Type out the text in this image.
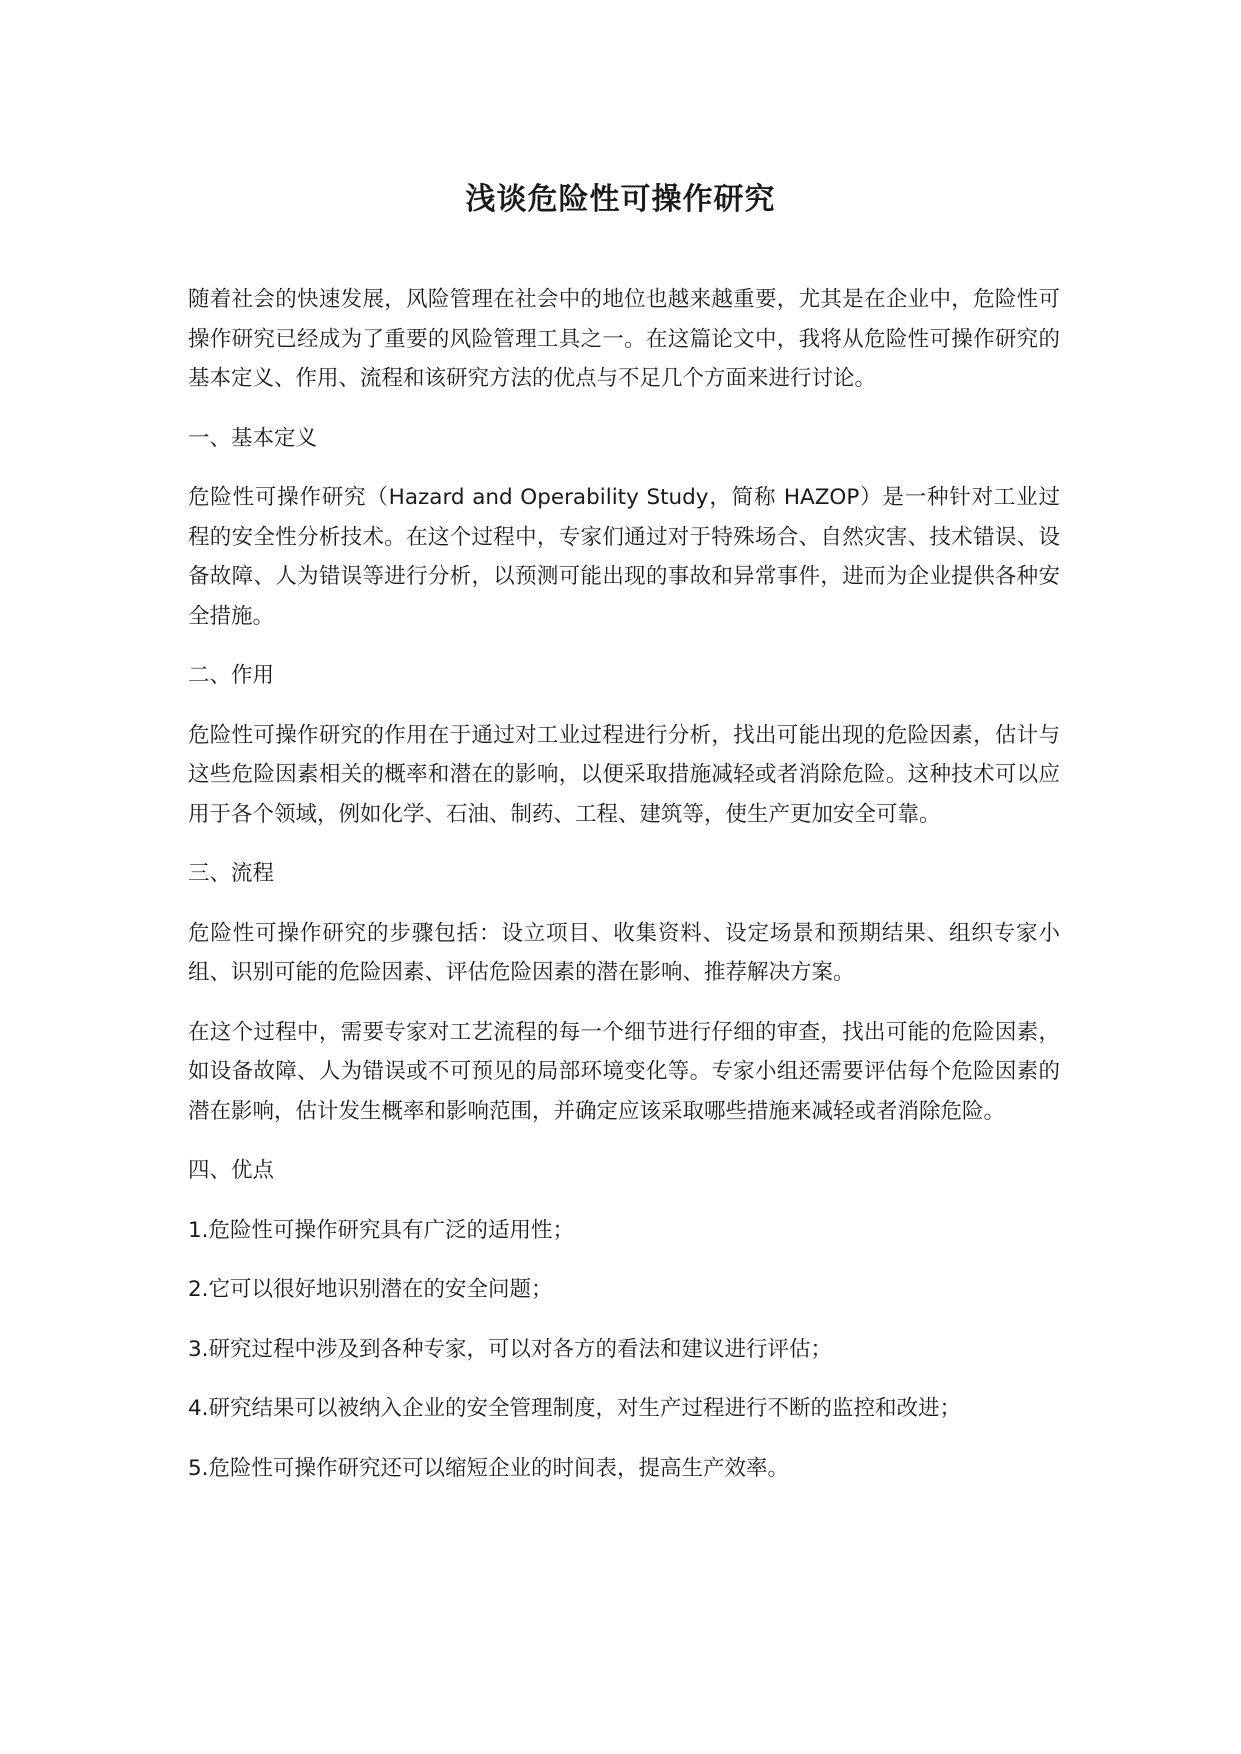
浅谈危险性可操作研究

随着社会的快速发展，风险管理在社会中的地位也越来越重要，尤其是在企业中，危险性可操作研究已经成为了重要的风险管理工具之一。在这篇论文中，我将从危险性可操作研究的基本定义、作用、流程和该研究方法的优点与不足几个方面来进行讨论。

一、基本定义

危险性可操作研究（Hazard and Operability Study，简称 HAZOP）是一种针对工业过程的安全性分析技术。在这个过程中，专家们通过对于特殊场合、自然灾害、技术错误、设备故障、人为错误等进行分析，以预测可能出现的事故和异常事件，进而为企业提供各种安全措施。

二、作用

危险性可操作研究的作用在于通过对工业过程进行分析，找出可能出现的危险因素，估计与这些危险因素相关的概率和潜在的影响，以便采取措施减轻或者消除危险。这种技术可以应用于各个领域，例如化学、石油、制药、工程、建筑等，使生产更加安全可靠。

三、流程

危险性可操作研究的步骤包括：设立项目、收集资料、设定场景和预期结果、组织专家小组、识别可能的危险因素、评估危险因素的潜在影响、推荐解决方案。

在这个过程中，需要专家对工艺流程的每一个细节进行仔细的审查，找出可能的危险因素，如设备故障、人为错误或不可预见的局部环境变化等。专家小组还需要评估每个危险因素的潜在影响，估计发生概率和影响范围，并确定应该采取哪些措施来减轻或者消除危险。

四、优点

1.危险性可操作研究具有广泛的适用性；

2.它可以很好地识别潜在的安全问题；

3.研究过程中涉及到各种专家，可以对各方的看法和建议进行评估；

4.研究结果可以被纳入企业的安全管理制度，对生产过程进行不断的监控和改进；

5.危险性可操作研究还可以缩短企业的时间表，提高生产效率。
